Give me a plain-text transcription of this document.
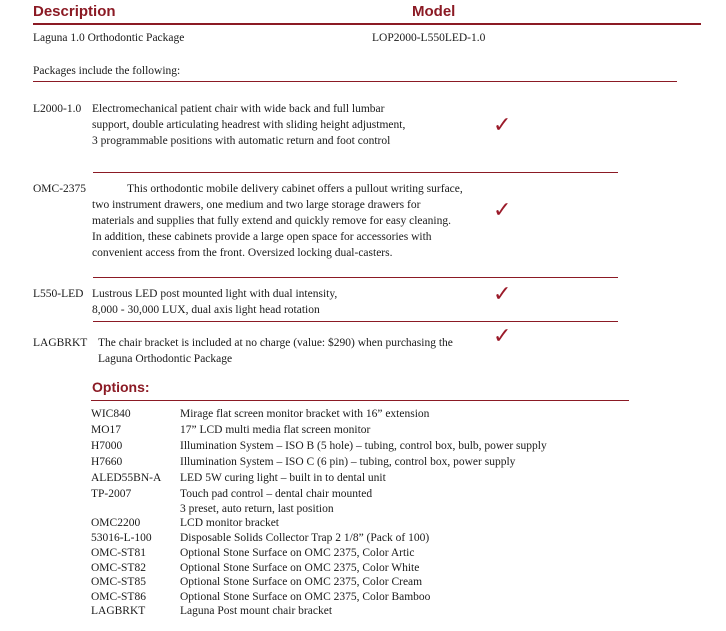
Description	Model
Laguna 1.0 Orthodontic Package	LOP2000-L550LED-1.0
Packages include the following:
L2000-1.0 Electromechanical patient chair with wide back and full lumbar
support, double articulating headrest with sliding height adjustment,
3 programmable positions with automatic return and foot control
✓
OMC-2375	This orthodontic mobile delivery cabinet offers a pullout writing surface,
two instrument drawers, one medium and two large storage drawers for
materials and supplies that fully extend and quickly remove for easy cleaning.
In addition, these cabinets provide a large open space for accessories with
convenient access from the front. Oversized locking dual-casters.
✓
L550-LED Lustrous LED post mounted light with dual intensity,
8,000 - 30,000 LUX, dual axis light head rotation
✓
LAGBRKT The chair bracket is included at no charge (value: $290) when purchasing the
Laguna Orthodontic Package
✓
Options:
WIC840	Mirage flat screen monitor bracket with 16” extension
MO17	17” LCD multi media flat screen monitor
H7000	Illumination System – ISO B (5 hole) – tubing, control box, bulb, power supply
H7660	Illumination System – ISO C (6 pin) – tubing, control box, power supply
ALED55BN-A LED 5W curing light – built in to dental unit
TP-2007	Touch pad control – dental chair mounted
3 preset, auto return, last position
OMC2200	LCD monitor bracket
53016-L-100 Disposable Solids Collector Trap 2 1/8” (Pack of 100)
OMC-ST81	Optional Stone Surface on OMC 2375, Color Artic
OMC-ST82	Optional Stone Surface on OMC 2375, Color White
OMC-ST85	Optional Stone Surface on OMC 2375, Color Cream
OMC-ST86	Optional Stone Surface on OMC 2375, Color Bamboo
LAGBRKT	Laguna Post mount chair bracket
